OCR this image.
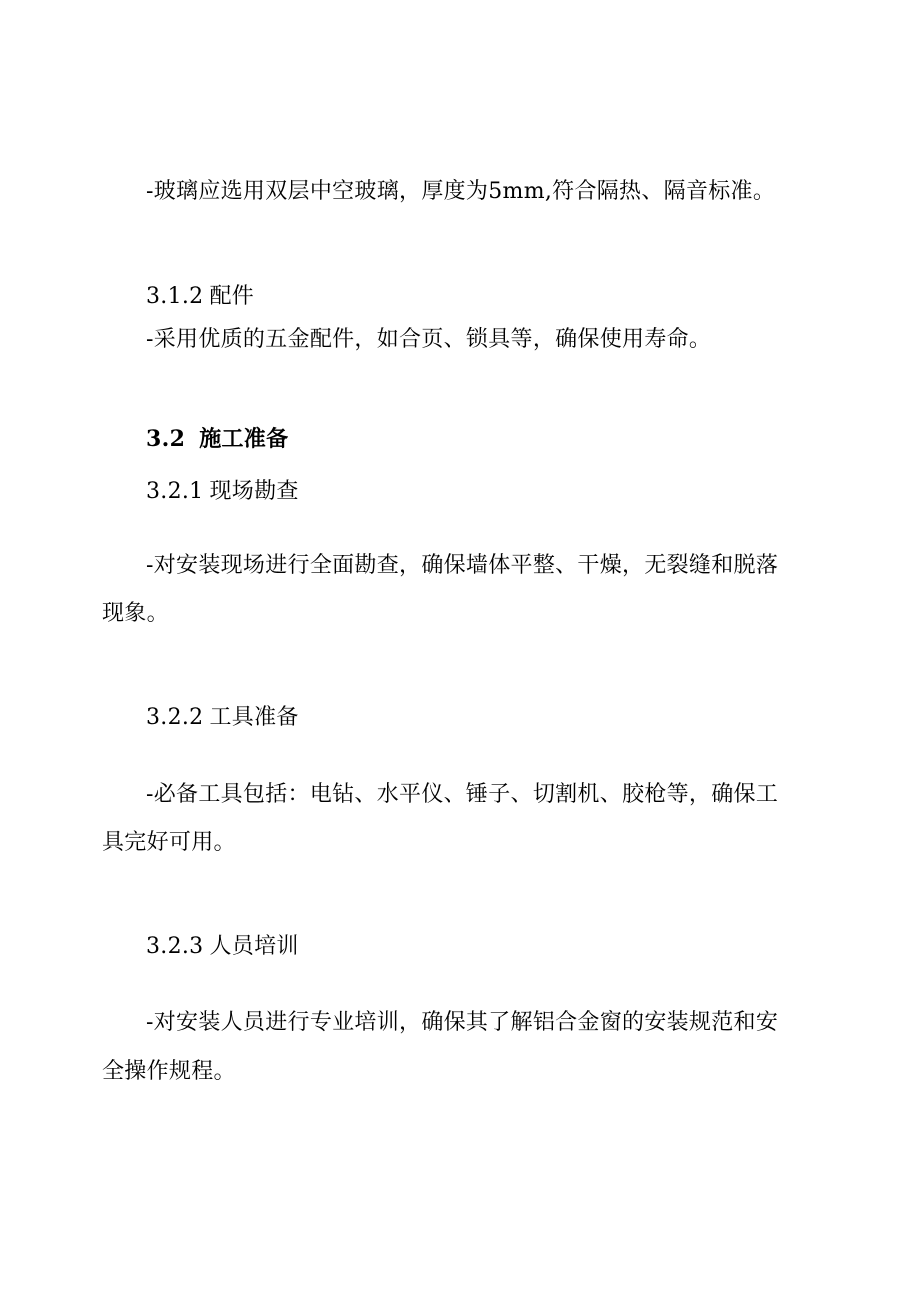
-玻璃应选用双层中空玻璃，厚度为5mm,符合隔热、隔音标准。
3.1.2 配件
-采用优质的五金配件，如合页、锁具等，确保使用寿命。
3.2 施工准备
3.2.1 现场勘查
-对安装现场进行全面勘查，确保墙体平整、干燥，无裂缝和脱落
现象。
3.2.2 工具准备
-必备工具包括：电钻、水平仪、锤子、切割机、胶枪等，确保工
具完好可用。
3.2.3 人员培训
-对安装人员进行专业培训，确保其了解铝合金窗的安装规范和安
全操作规程。
